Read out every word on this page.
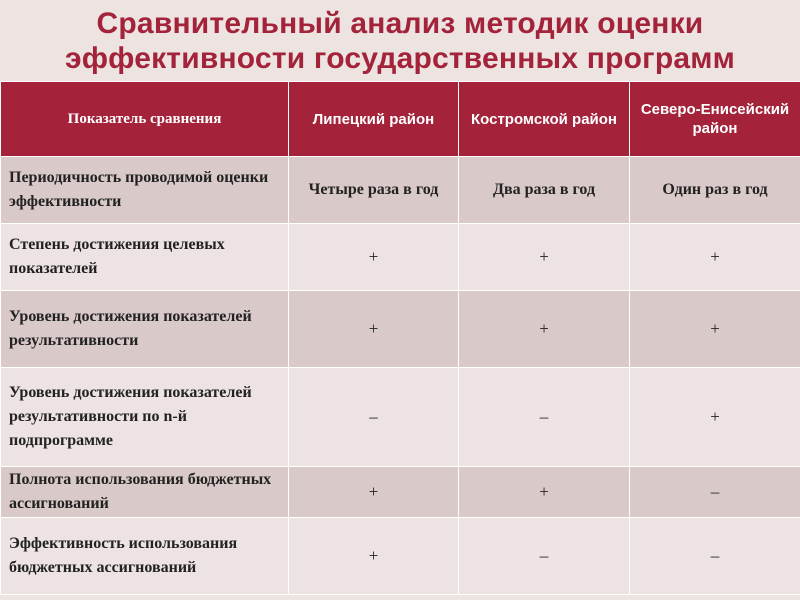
Сравнительный анализ методик оценки
эффективности государственных программ
Показатель сравнения	Липецкий район	Костромской район	Северо-Енисейский район
Периодичность проводимой оценки эффективности	Четыре раза в год	Два раза в год	Один раз в год
Степень достижения целевых показателей	+	+	+
Уровень достижения показателей результативности	+	+	+
Уровень достижения показателей результативности по n-й подпрограмме	–	–	+
Полнота использования бюджетных ассигнований	+	+	–
Эффективность использования бюджетных ассигнований	+	–	–
